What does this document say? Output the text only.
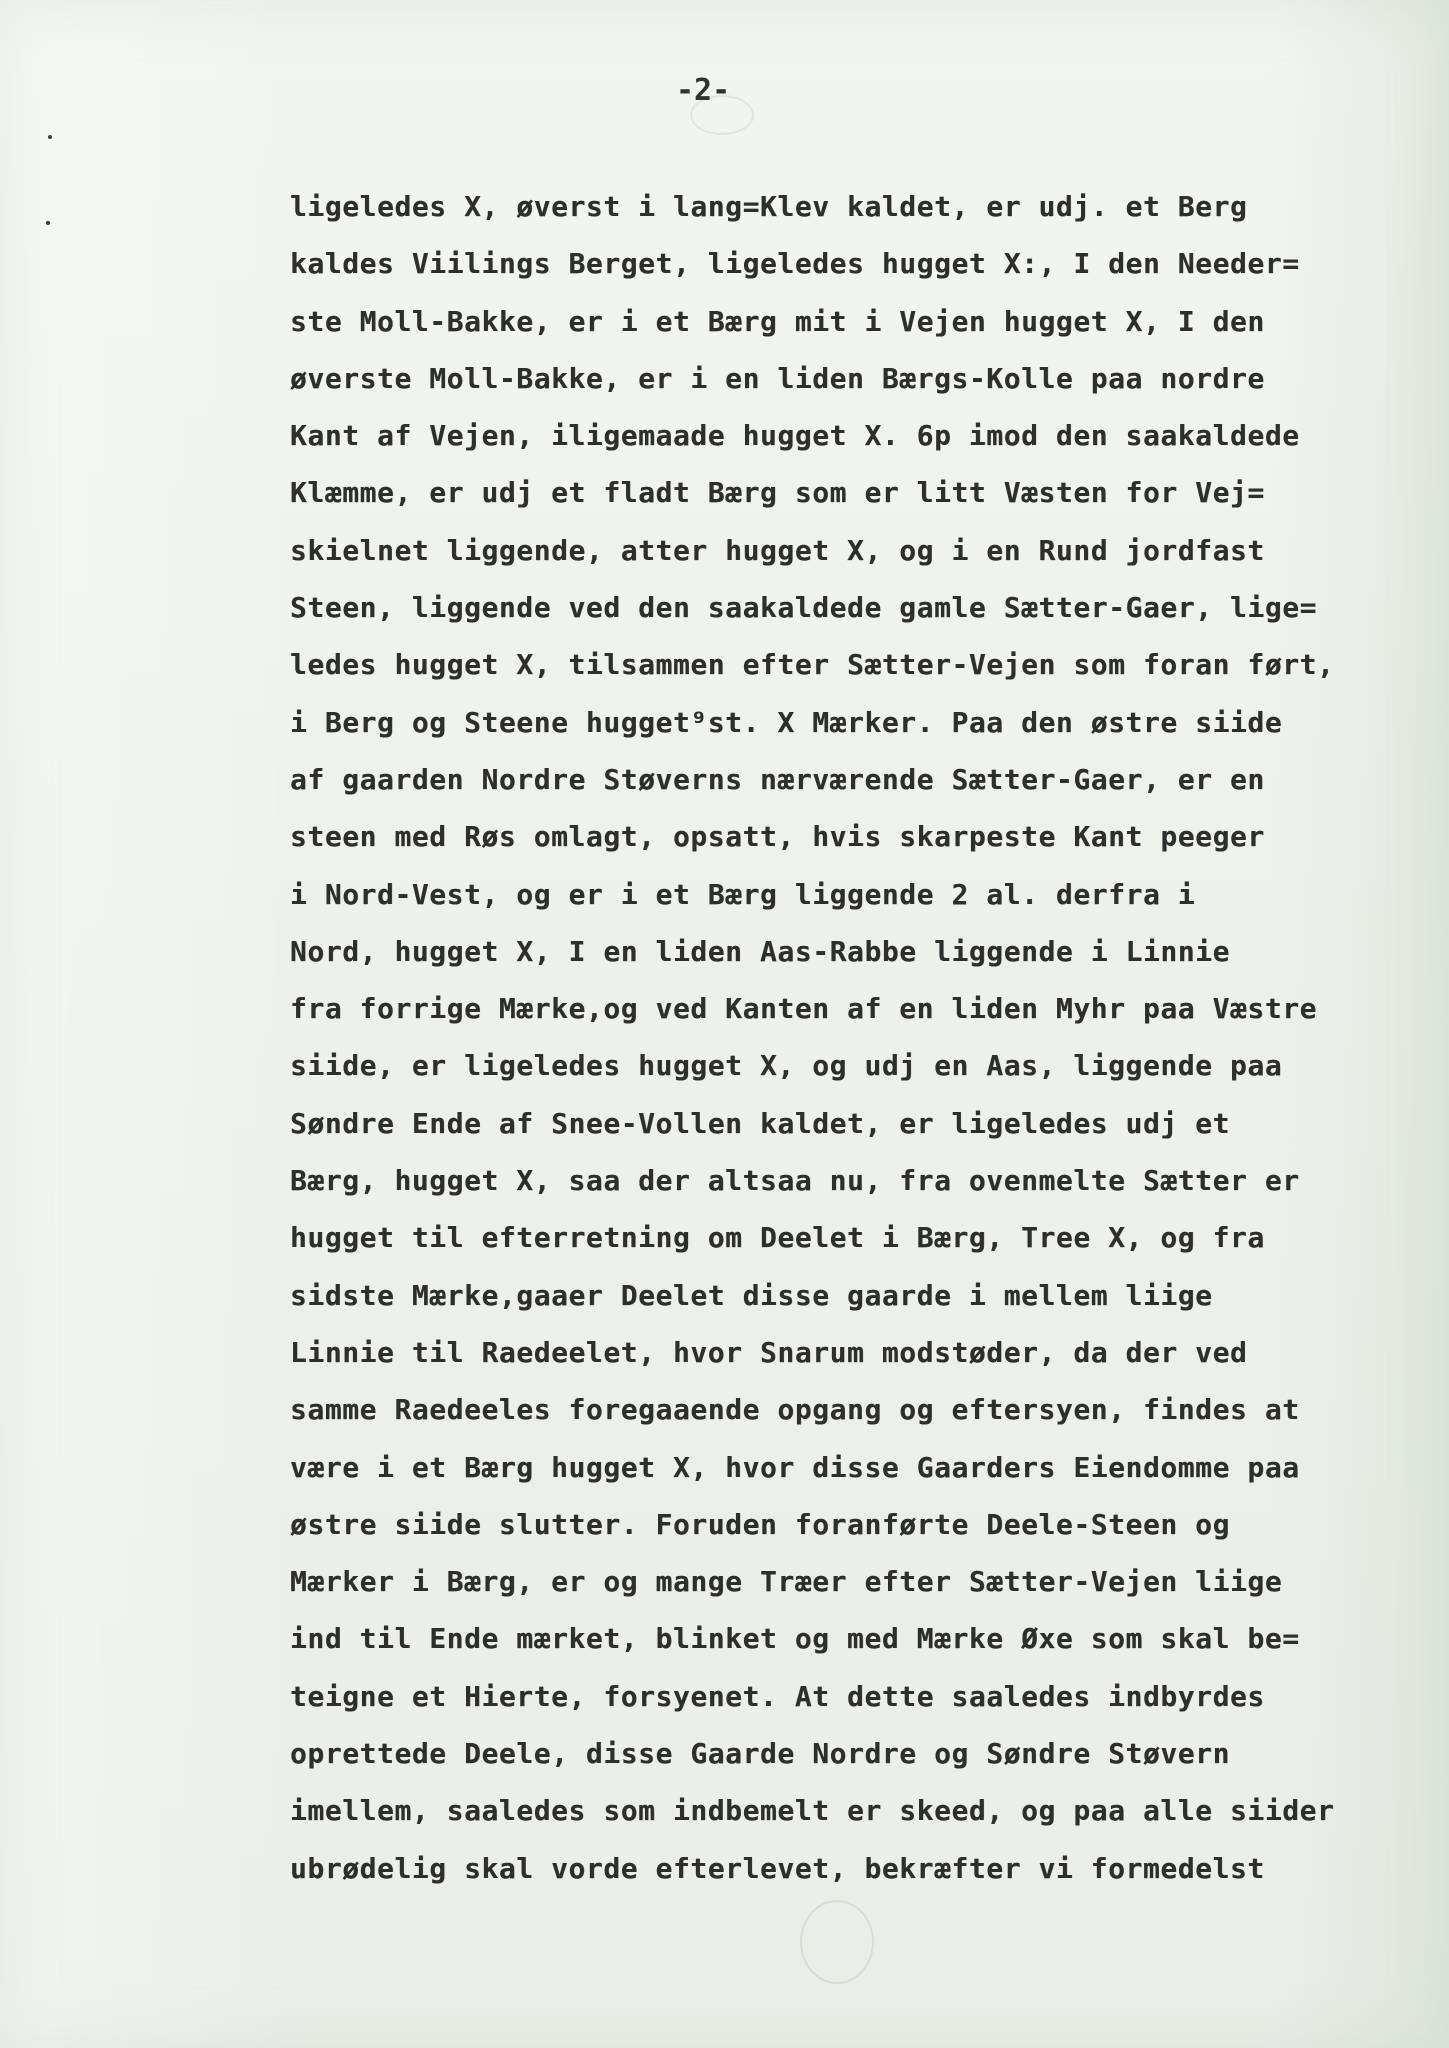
-2-

ligeledes X, øverst i lang=Klev kaldet, er udj. et Berg
kaldes Viilings Berget, ligeledes hugget X:, I den Needer=
ste Moll-Bakke, er i et Bærg mit i Vejen hugget X, I den
øverste Moll-Bakke, er i en liden Bærgs-Kolle paa nordre
Kant af Vejen, iligemaade hugget X. 6p imod den saakaldede
Klæmme, er udj et fladt Bærg som er litt Væsten for Vej=
skielnet liggende, atter hugget X, og i en Rund jordfast
Steen, liggende ved den saakaldede gamle Sætter-Gaer, lige=
ledes hugget X, tilsammen efter Sætter-Vejen som foran ført,
i Berg og Steene hugget⁹st. X Mærker. Paa den østre siide
af gaarden Nordre Støverns nærværende Sætter-Gaer, er en
steen med Røs omlagt, opsatt, hvis skarpeste Kant peeger
i Nord-Vest, og er i et Bærg liggende 2 al. derfra i
Nord, hugget X, I en liden Aas-Rabbe liggende i Linnie
fra forrige Mærke,og ved Kanten af en liden Myhr paa Væstre
siide, er ligeledes hugget X, og udj en Aas, liggende paa
Søndre Ende af Snee-Vollen kaldet, er ligeledes udj et
Bærg, hugget X, saa der altsaa nu, fra ovenmelte Sætter er
hugget til efterretning om Deelet i Bærg, Tree X, og fra
sidste Mærke,gaaer Deelet disse gaarde i mellem liige
Linnie til Raedeelet, hvor Snarum modstøder, da der ved
samme Raedeeles foregaaende opgang og eftersyen, findes at
være i et Bærg hugget X, hvor disse Gaarders Eiendomme paa
østre siide slutter. Foruden foranførte Deele-Steen og
Mærker i Bærg, er og mange Træer efter Sætter-Vejen liige
ind til Ende mærket, blinket og med Mærke Øxe som skal be=
teigne et Hierte, forsyenet. At dette saaledes indbyrdes
oprettede Deele, disse Gaarde Nordre og Søndre Støvern
imellem, saaledes som indbemelt er skeed, og paa alle siider
ubrødelig skal vorde efterlevet, bekræfter vi formedelst
